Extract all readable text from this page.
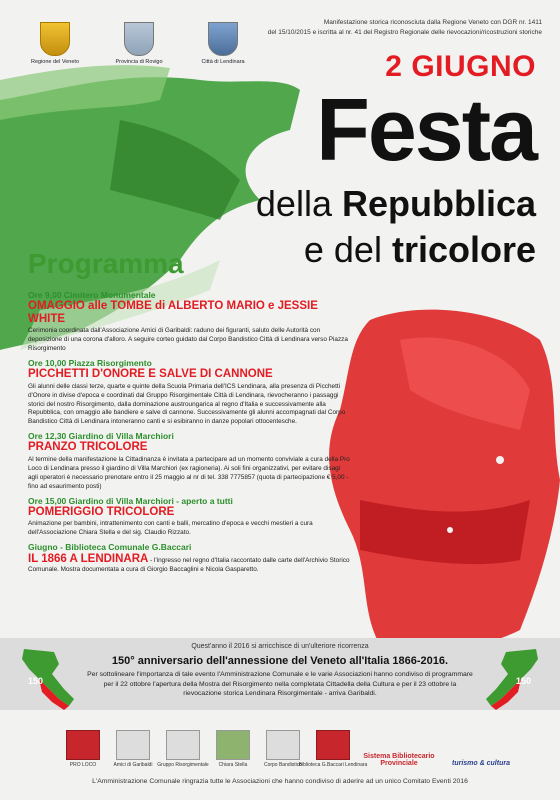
Regione del Veneto	Provincia di Rovigo	Città di Lendinara
Manifestazione storica riconosciuta dalla Regione Veneto con DGR nr. 1411
del 15/10/2015 e iscritta al nr. 41 del Registro Regionale delle rievocazioni/ricostruzioni storiche
2 GIUGNO
Festa
della Repubblica
e del tricolore
Programma
Ore 9,00 Cimitero Monumentale
OMAGGIO alle TOMBE di ALBERTO MARIO e JESSIE WHITE
Cerimonia coordinata dall'Associazione Amici di Garibaldi: raduno dei figuranti, saluto delle Autorità con deposizione di una corona d'alloro. A seguire corteo guidato dal Corpo Bandistico Città di Lendinara verso Piazza Risorgimento
Ore 10,00 Piazza Risorgimento
PICCHETTI D'ONORE E SALVE DI CANNONE
Gli alunni delle classi terze, quarte e quinte della Scuola Primaria dell'ICS Lendinara, alla presenza di Picchetti d'Onore in divise d'epoca e coordinati dal Gruppo Risorgimentale Città di Lendinara, rievocheranno i passaggi storici del nostro Risorgimento, dalla dominazione austroungarica al regno d'Italia e successivamente alla Repubblica, con omaggio alle bandiere e salve di cannone. Successivamente gli alunni accompagnati dal Corpo Bandistico Città di Lendinara intoneranno canti e si esibiranno in danze popolari ottocentesche.
Ore 12,30 Giardino di Villa Marchiori
PRANZO TRICOLORE
Al termine della manifestazione la Cittadinanza è invitata a partecipare ad un momento conviviale a cura della Pro Loco di Lendinara presso il giardino di Villa Marchiori (ex ragioneria). Ai soli fini organizzativi, per evitare disagi agli operatori è necessario prenotare entro il 25 maggio al nr di tel. 338 7775857 (quota di partecipazione € 5,00 - fino ad esaurimento posti)
Ore 15,00 Giardino di Villa Marchiori - aperto a tutti
POMERIGGIO TRICOLORE
Animazione per bambini, intrattenimento con canti e balli, mercatino d'epoca e vecchi mestieri a cura dell'Associazione Chiara Stella e del sig. Claudio Rizzato.
Giugno - Biblioteca Comunale G.Baccari
IL 1866 A LENDINARA - l'ingresso nel regno d'Italia raccontato dalle carte dell'Archivio Storico Comunale. Mostra documentata a cura di Giorgio Baccaglini e Nicola Gasparetto.
150	150
Quest'anno il 2016 si arricchisce di un'ulteriore ricorrenza
150° anniversario dell'annessione del Veneto all'Italia 1866-2016.
Per sottolineare l'importanza di tale evento l'Amministrazione Comunale e le varie Associazioni hanno condiviso di programmare per il 22 ottobre l'apertura della Mostra del Risorgimento nella completata Cittadella della Cultura e per il 23 ottobre la rievocazione storica Lendinara Risorgimentale - arriva Garibaldi.
PRO LOCO	Amici di Garibaldi Gruppo Risorgimentale Chiara Stella	Corpo Bandistico
Biblioteca G.Baccari Lendinara
Sistema Bibliotecario Provinciale	turismo & cultura
L'Amministrazione Comunale ringrazia tutte le Associazioni che hanno condiviso di aderire ad un unico Comitato Eventi 2016
